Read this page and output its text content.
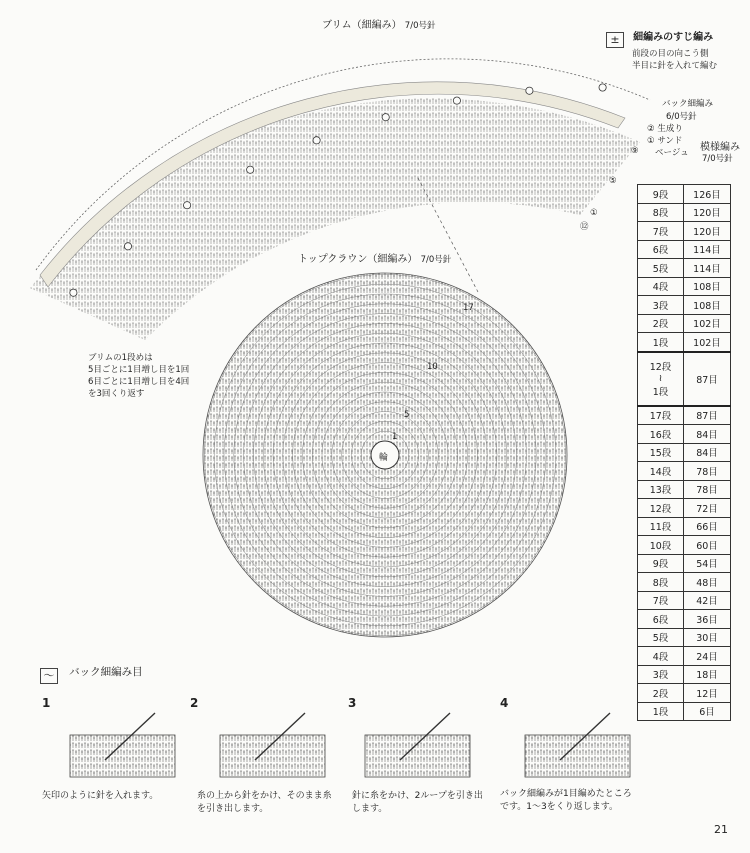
ブリム（細編み） 7/0号針
± $^{細編みのすじ編み}$
前段の目の向こう側
半目に針を入れて編む
バック細編み
6/0号針
② 生成り
① サンド
ベージュ 模様編み
7/0号針
⑨
⑤
①
⑫
ブリムの1段めは
5目ごとに1目増し目を1回
6目ごとに1目増し目を4回
を3回くり返す
トップクラウン（細編み） 7/0号針
17
10
5
1
輪
9段	126目
8段	120目
7段	120目
6段	114目
5段	114目
4段	108目
3段	108目
2段	102目
1段	102目

12段
≀
1段	87目
17段	87目
16段	84目
15段	84目
14段	78目
13段	78目
12段	72目
11段	66目
10段	60目
9段	54目
8段	48目
7段	42目
6段	36目
5段	30目
4段	24目
3段	18目
2段	12目
1段	6目
～ $^{バック細編み目}$
1	2	3	4
矢印のように針を入れます。	糸の上から針をかけ、そのまま糸
を引き出します。
針に糸をかけ、2ループを引き出
します。
バック細編みが1目編めたところ
です。1〜3をくり返します。
21
